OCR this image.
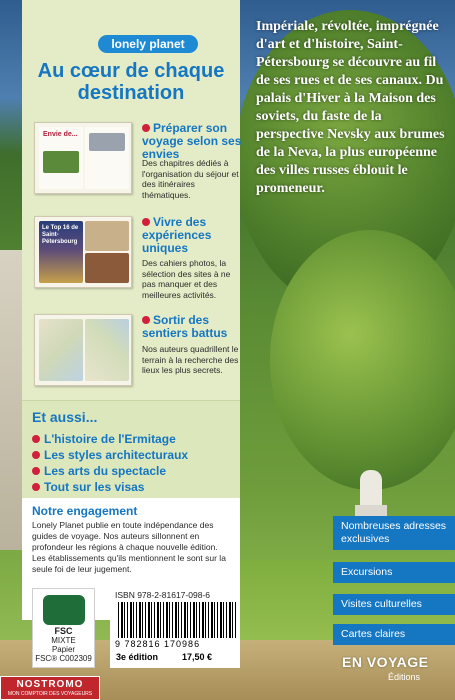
lonely planet
Au cœur de chaque destination
Envie de...	Préparer son voyage selon ses envies
Des chapitres dédiés à l'organisation du séjour et des itinéraires thématiques.
Le Top 16 de Saint-Pétersbourg
Vivre des expériences uniques
Des cahiers photos, la sélection des sites à ne pas manquer et des meilleures activités.
Sortir des sentiers battus
Nos auteurs quadrillent le terrain à la recherche des lieux les plus secrets.
Et aussi...
L'histoire de l'Ermitage
Les styles architecturaux
Les arts du spectacle
Tout sur les visas
Notre engagement
Lonely Planet publie en toute indépendance des guides de voyage. Nos auteurs sillonnent en profondeur les régions à chaque nouvelle édition. Les établissements qu'ils mentionnent le sont sur la seule foi de leur jugement.
FSC
MIXTE
Papier
FSC® C002309
ISBN 978-2-81617-098-6
9 782816 170986
3e édition	17,50 €
NOSTROMO
MON COMPTOIR DES VOYAGEURS
Impériale, révoltée, imprégnée d'art et d'histoire, Saint-Pétersbourg se découvre au fil de ses rues et de ses canaux. Du palais d'Hiver à la Maison des soviets, du faste de la perspective Nevsky aux brumes de la Neva, la plus européenne des villes russes éblouit le promeneur.
Nombreuses adresses exclusives
Excursions
Visites culturelles
Cartes claires
EN VOYAGE
Éditions
